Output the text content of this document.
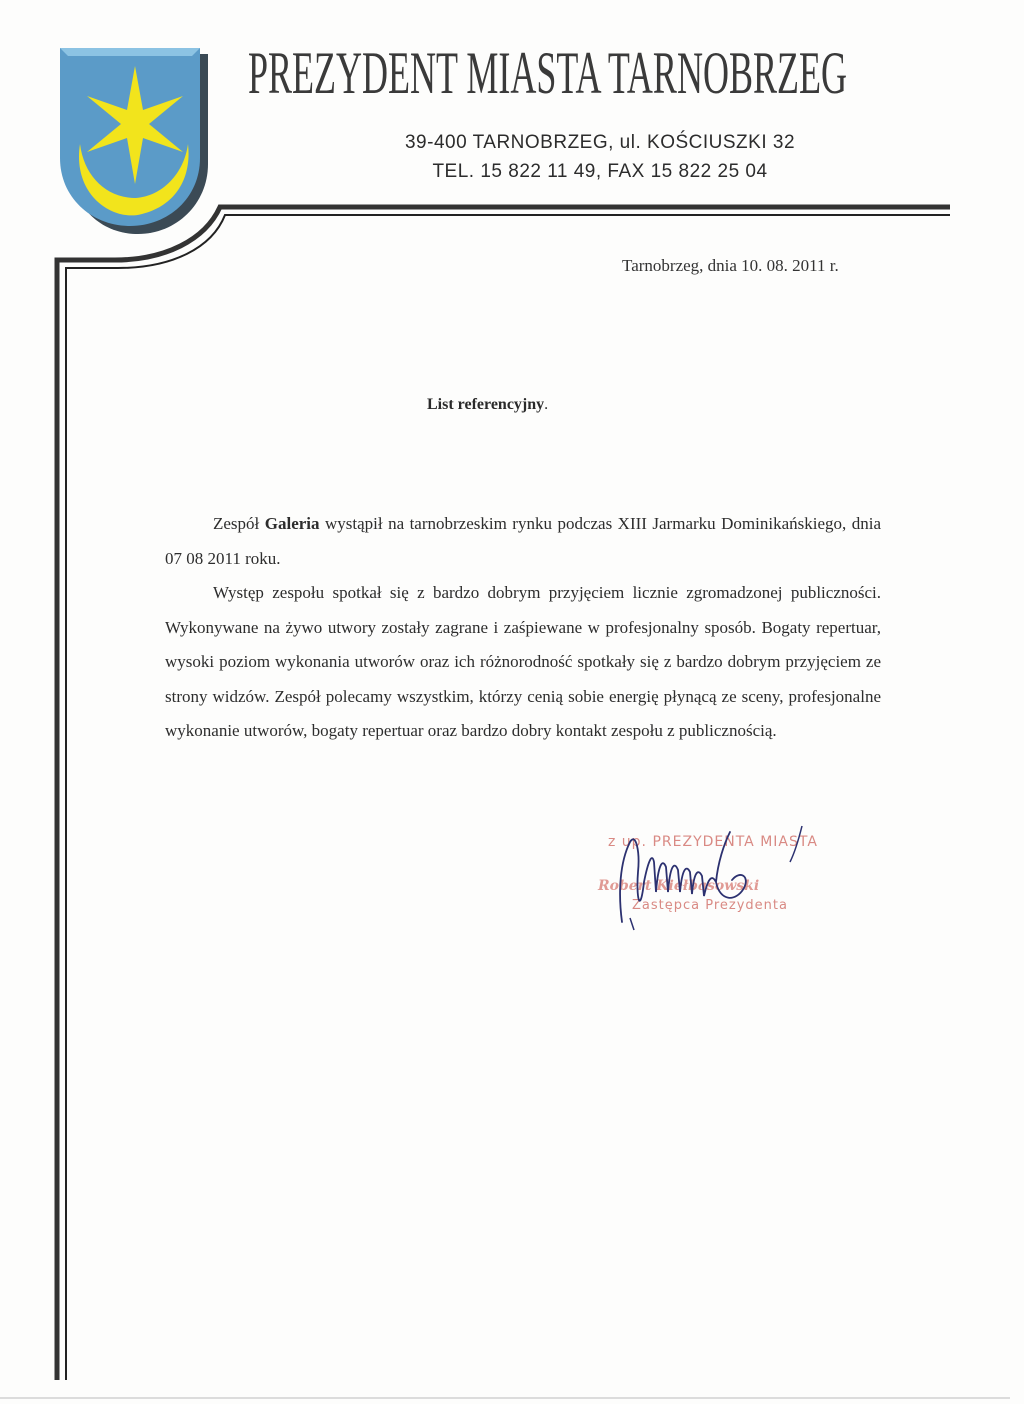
PREZYDENT MIASTA TARNOBRZEG
39-400 TARNOBRZEG, ul. KOŚCIUSZKI 32
TEL. 15 822 11 49, FAX 15 822 25 04
Tarnobrzeg, dnia 10. 08. 2011 r.
List referencyjny.

Zespół Galeria wystąpił na tarnobrzeskim rynku podczas XIII Jarmarku Dominikańskiego, dnia 07 08 2011 roku.

Występ zespołu spotkał się z bardzo dobrym przyjęciem licznie zgromadzonej publiczności. Wykonywane na żywo utwory zostały zagrane i zaśpiewane w profesjonalny sposób. Bogaty repertuar, wysoki poziom wykonania utworów oraz ich różnorodność spotkały się z bardzo dobrym przyjęciem ze strony widzów. Zespół polecamy wszystkim, którzy cenią sobie energię płynącą ze sceny, profesjonalne wykonanie utworów, bogaty repertuar oraz bardzo dobry kontakt zespołu z publicznością.

z up. PREZYDENTA MIASTA
Robert Kiełbasowski
Zastępca Prezydenta
